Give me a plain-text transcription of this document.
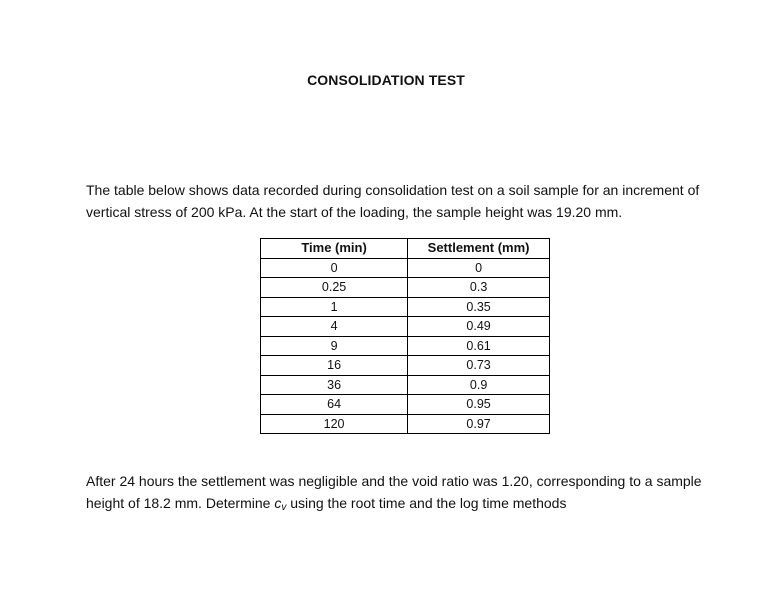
CONSOLIDATION TEST

The table below shows data recorded during consolidation test on a soil sample for an increment of vertical stress of 200 kPa. At the start of the loading, the sample height was 19.20 mm.

Time (min)	Settlement (mm)
0	0
0.25	0.3
1	0.35
4	0.49
9	0.61
16	0.73
36	0.9
64	0.95
120	0.97

After 24 hours the settlement was negligible and the void ratio was 1.20, corresponding to a sample height of 18.2 mm. Determine $c_v$ using the root time and the log time methods
